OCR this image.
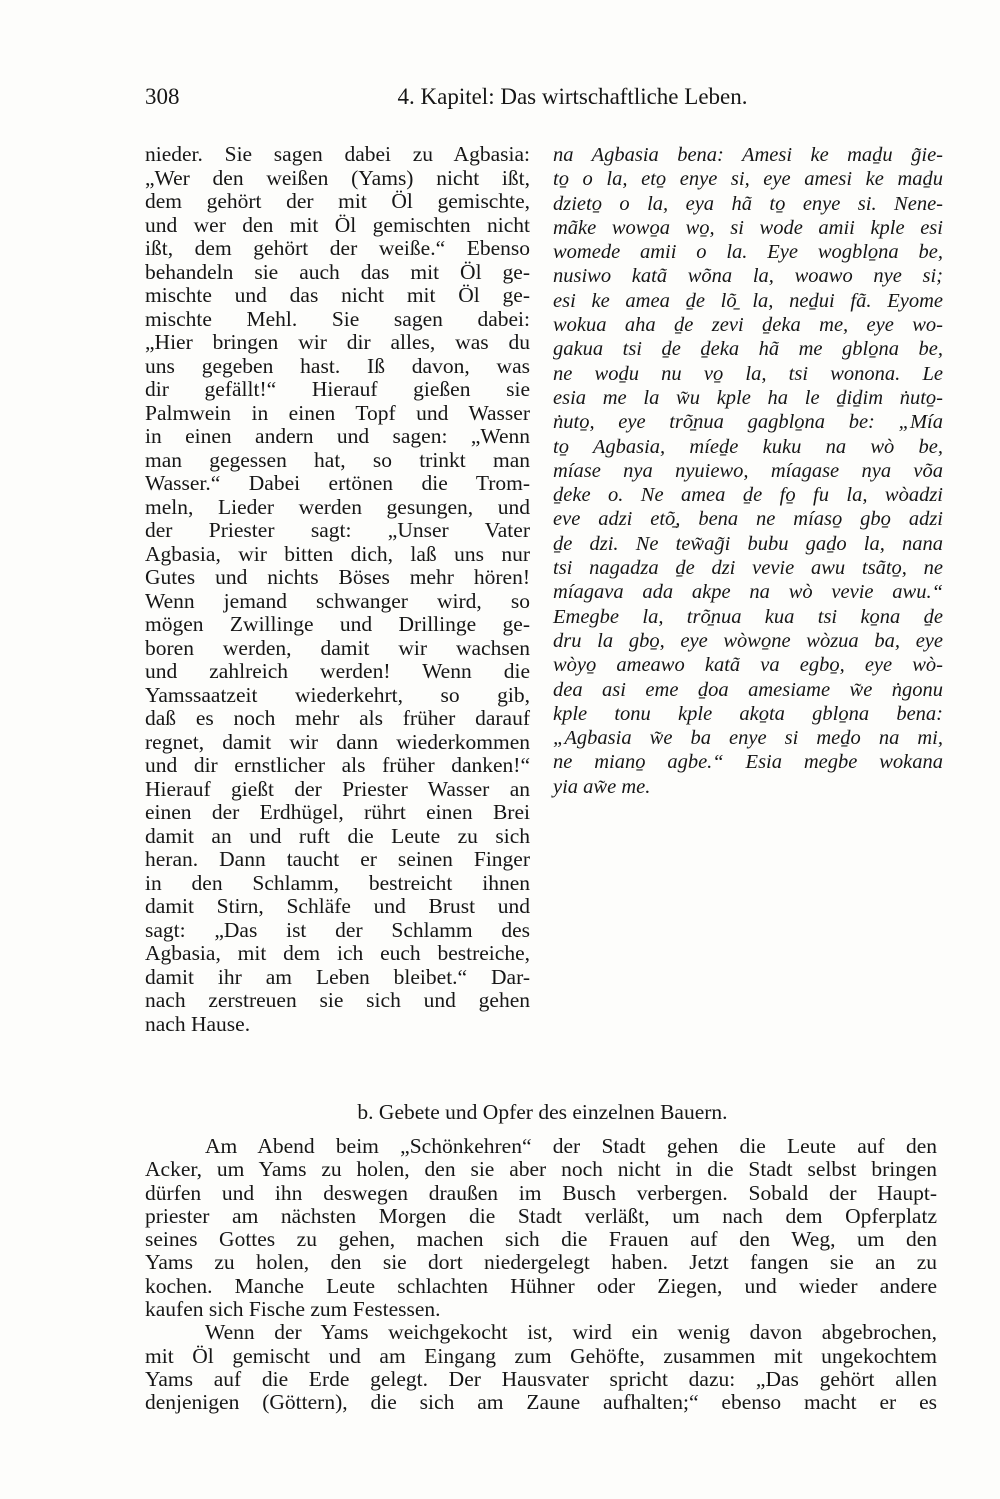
308	4. Kapitel: Das wirtschaftliche Leben.
nieder. Sie sagen dabei zu Agbasia:
„Wer den weißen (Yams) nicht ißt,
dem gehört der mit Öl gemischte,
und wer den mit Öl gemischten nicht
ißt, dem gehört der weiße.“ Ebenso
behandeln sie auch das mit Öl ge-
mischte und das nicht mit Öl ge-
mischte Mehl. Sie sagen dabei:
„Hier bringen wir dir alles, was du
uns gegeben hast. Iß davon, was
dir gefällt!“ Hierauf gießen sie
Palmwein in einen Topf und Wasser
in einen andern und sagen: „Wenn
man gegessen hat, so trinkt man
Wasser.“ Dabei ertönen die Trom-
meln, Lieder werden gesungen, und
der Priester sagt: „Unser Vater
Agbasia, wir bitten dich, laß uns nur
Gutes und nichts Böses mehr hören!
Wenn jemand schwanger wird, so
mögen Zwillinge und Drillinge ge-
boren werden, damit wir wachsen
und zahlreich werden! Wenn die
Yamssaatzeit wiederkehrt, so gib,
daß es noch mehr als früher darauf
regnet, damit wir dann wiederkommen
und dir ernstlicher als früher danken!“
Hierauf gießt der Priester Wasser an
einen der Erdhügel, rührt einen Brei
damit an und ruft die Leute zu sich
heran. Dann taucht er seinen Finger
in den Schlamm, bestreicht ihnen
damit Stirn, Schläfe und Brust und
sagt: „Das ist der Schlamm des
Agbasia, mit dem ich euch bestreiche,
damit ihr am Leben bleibet.“ Dar-
nach zerstreuen sie sich und gehen
nach Hause.
na Agbasia bena: Amesi ke mad̠u g̃ie-
to̠ o la, eto̠ enye si, eye amesi ke mad̠u
dzieto̠ o la, eya hã to̠ enye si. Nene-
mãke wowo̠a wo̠, si wode amii kple esi
womede amii o la. Eye wogblo̠na be,
nusiwo katã wõna la, woawo nye si;
esi ke amea d̠e lõ̠ la, ned̠ui fã. Eyome
wokua aha d̠e zevi d̠eka me, eye wo-
gakua tsi d̠e d̠eka hã me gblo̠na be,
ne wod̠u nu vo̠ la, tsi wonona. Le
esia me la w̃u kple ha le d̠id̠im ṅuto̠-
ṅuto̠, eye trõ̠nua gagblo̠na be: „Mía
to̠ Agbasia, míed̠e kuku na wò be,
míase nya nyuiewo, míagase nya võa
d̠eke o. Ne amea d̠e fo̠ fu la, wòadzi
eve adzi etõ̠, bena ne míaso̠ gbo̠ adzi
d̠e dzi. Ne tew̃ag̃i bubu gad̠o la, nana
tsi nagadza d̠e dzi vevie awu tsãto̠, ne
míagava ada akpe na wò vevie awu.“
Emegbe la, trõ̠nua kua tsi ko̠na d̠e
dru la gbo̠, eye wòwo̠ne wòzua ba, eye
wòyo̠ ameawo katã va egbo̠, eye wò-
dea asi eme d̠oa amesiame w̃e ṅgonu
kple tonu kple ako̠ta gblo̠na bena:
„Agbasia w̃e ba enye si med̠o na mi,
ne miano̠ agbe.“ Esia megbe wokana
yia aw̃e me.
b. Gebete und Opfer des einzelnen Bauern.
Am Abend beim „Schönkehren“ der Stadt gehen die Leute auf den
Acker, um Yams zu holen, den sie aber noch nicht in die Stadt selbst bringen
dürfen und ihn deswegen draußen im Busch verbergen. Sobald der Haupt-
priester am nächsten Morgen die Stadt verläßt, um nach dem Opferplatz
seines Gottes zu gehen, machen sich die Frauen auf den Weg, um den
Yams zu holen, den sie dort niedergelegt haben. Jetzt fangen sie an zu
kochen. Manche Leute schlachten Hühner oder Ziegen, und wieder andere
kaufen sich Fische zum Festessen.
Wenn der Yams weichgekocht ist, wird ein wenig davon abgebrochen,
mit Öl gemischt und am Eingang zum Gehöfte, zusammen mit ungekochtem
Yams auf die Erde gelegt. Der Hausvater spricht dazu: „Das gehört allen
denjenigen (Göttern), die sich am Zaune aufhalten;“ ebenso macht er es
